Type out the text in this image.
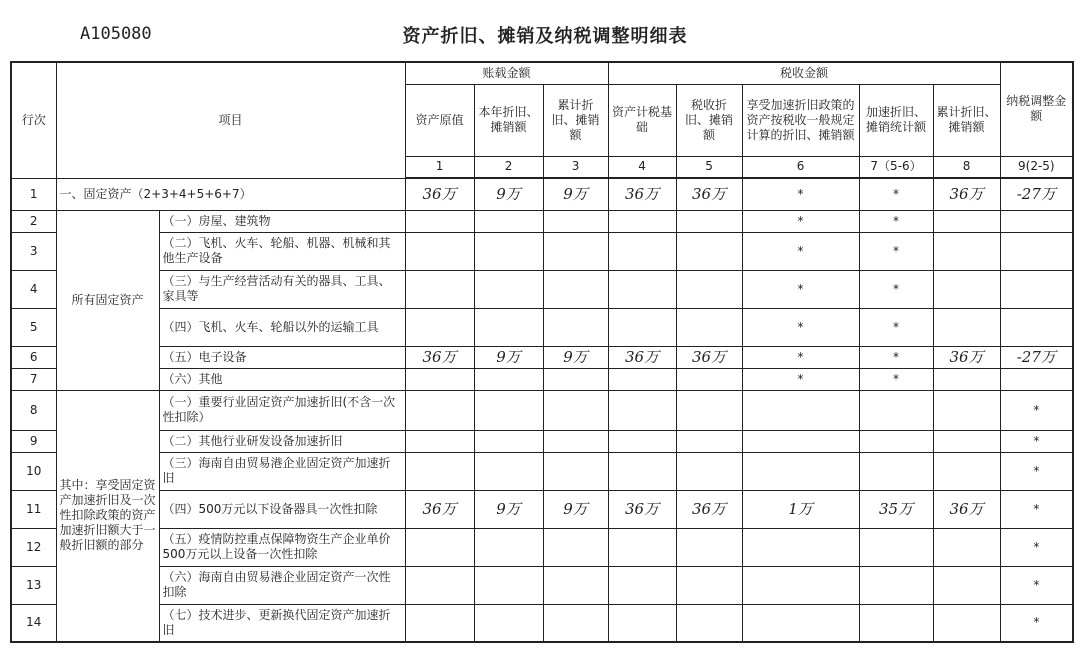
A105080	资产折旧、摊销及纳税调整明细表
行次	项目		账载金额			税收金额					纳税调整金额
			资产原值	本年折旧、摊销额	累计折旧、摊销额	资产计税基础	税收折旧、摊销额	享受加速折旧政策的资产按税收一般规定计算的折旧、摊销额	加速折旧、摊销统计额	累计折旧、摊销额	
			1	2	3	4	5	6	7（5-6）	8	9(2-5)
1	一、固定资产（2+3+4+5+6+7）		36万	9万	9万	36万	36万	*	*	36万	-27万
2	所有固定资产	（一）房屋、建筑物						*	*		
3		（二）飞机、火车、轮船、机器、机械和其他生产设备						*	*		
4		（三）与生产经营活动有关的器具、工具、家具等						*	*		
5		（四）飞机、火车、轮船以外的运输工具						*	*		
6		（五）电子设备	36万	9万	9万	36万	36万	*	*	36万	-27万
7		（六）其他						*	*		
8	其中：享受固定资产加速折旧及一次性扣除政策的资产加速折旧额大于一般折旧额的部分	（一）重要行业固定资产加速折旧(不含一次性扣除）									*
9		（二）其他行业研发设备加速折旧									*
10		（三）海南自由贸易港企业固定资产加速折旧									*
11		（四）500万元以下设备器具一次性扣除	36万	9万	9万	36万	36万	1万	35万	36万	*
12		（五）疫情防控重点保障物资生产企业单价500万元以上设备一次性扣除									*
13		（六）海南自由贸易港企业固定资产一次性扣除									*
14		（七）技术进步、更新换代固定资产加速折旧									*
